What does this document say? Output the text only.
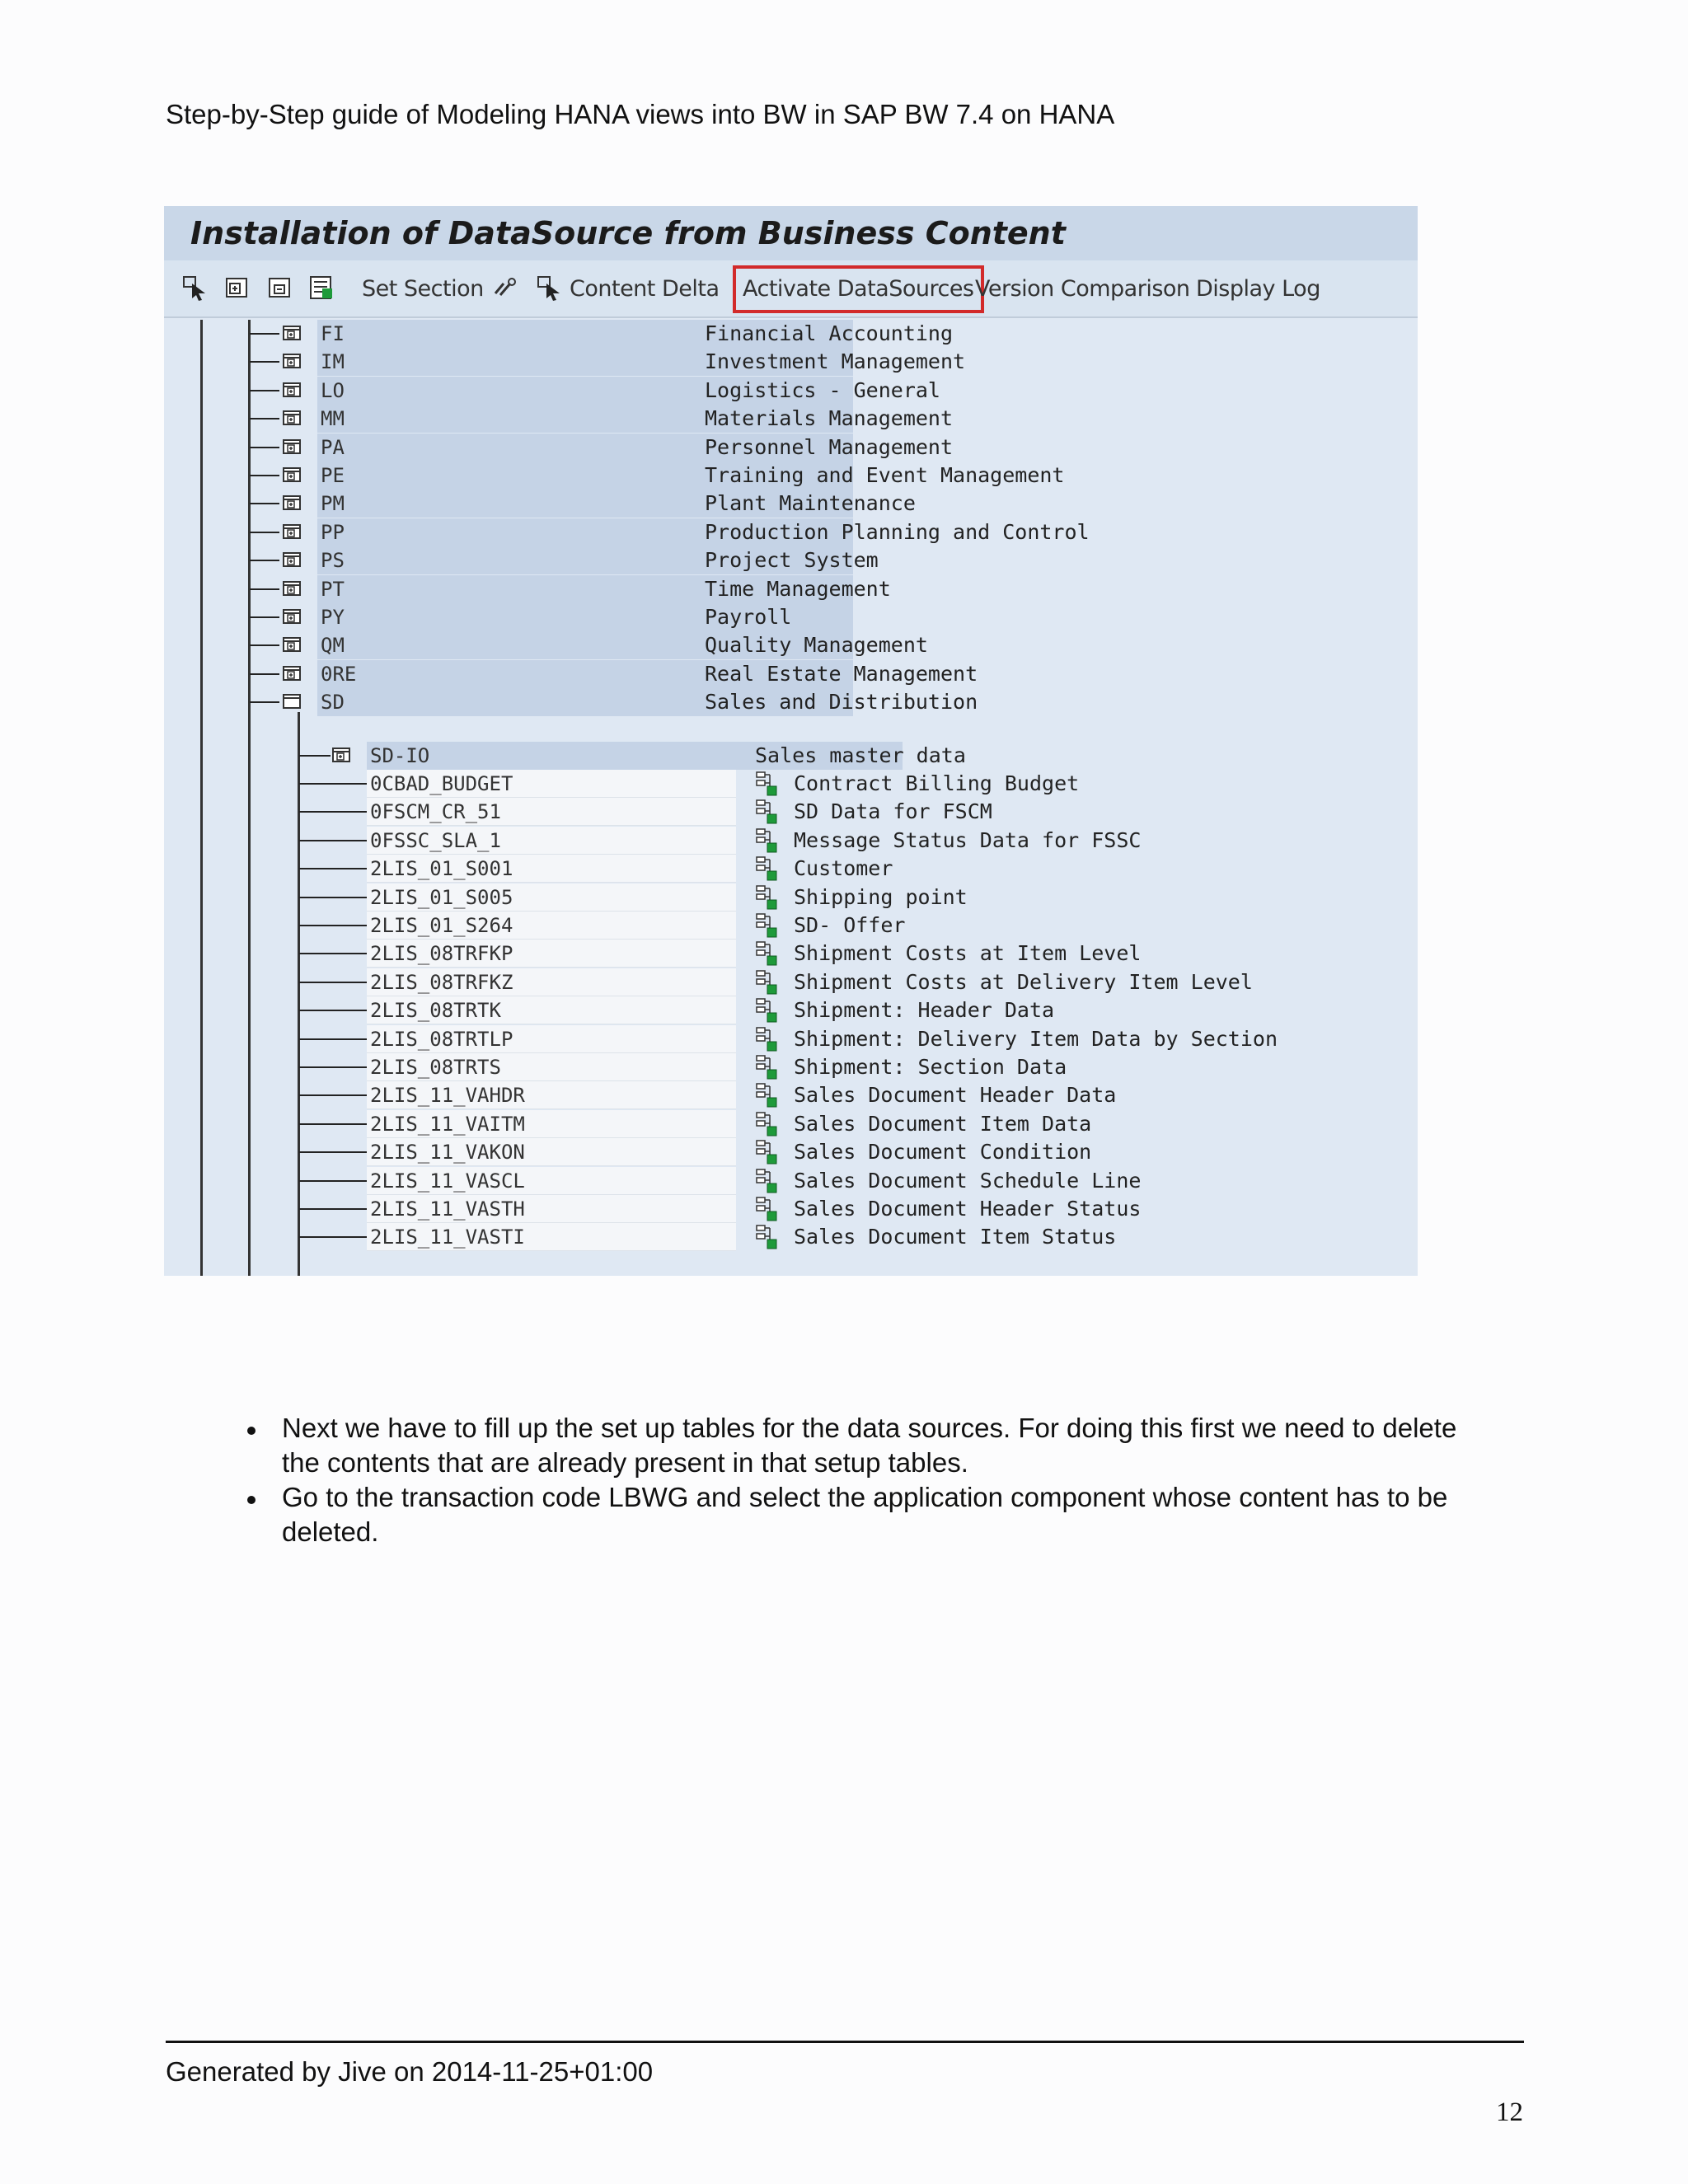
Step-by-Step guide of Modeling HANA views into BW in SAP BW 7.4 on HANA
Installation of DataSource from Business Content
Set Section	Content Delta	Activate DataSources Version Comparison Display Log
FI	Financial Accounting
IM	Investment Management
LO	Logistics - General
MM	Materials Management
PA	Personnel Management
PE	Training and Event Management
PM	Plant Maintenance
PP	Production Planning and Control
PS	Project System
PT	Time Management
PY	Payroll
QM	Quality Management
0RE	Real Estate Management
SD	Sales and Distribution
SD-IO	Sales master data
0CBAD_BUDGET	Contract Billing Budget
0FSCM_CR_51	SD Data for FSCM
0FSSC_SLA_1	Message Status Data for FSSC
2LIS_01_S001	Customer
2LIS_01_S005	Shipping point
2LIS_01_S264	SD- Offer
2LIS_08TRFKP	Shipment Costs at Item Level
2LIS_08TRFKZ	Shipment Costs at Delivery Item Level
2LIS_08TRTK	Shipment: Header Data
2LIS_08TRTLP	Shipment: Delivery Item Data by Section
2LIS_08TRTS	Shipment: Section Data
2LIS_11_VAHDR	Sales Document Header Data
2LIS_11_VAITM	Sales Document Item Data
2LIS_11_VAKON	Sales Document Condition
2LIS_11_VASCL	Sales Document Schedule Line
2LIS_11_VASTH	Sales Document Header Status
2LIS_11_VASTI	Sales Document Item Status
Next we have to fill up the set up tables for the data sources. For doing this first we need to delete the contents that are already present in that setup tables.
Go to the transaction code LBWG and select the application component whose content has to be deleted.
Generated by Jive on 2014-11-25+01:00
12
